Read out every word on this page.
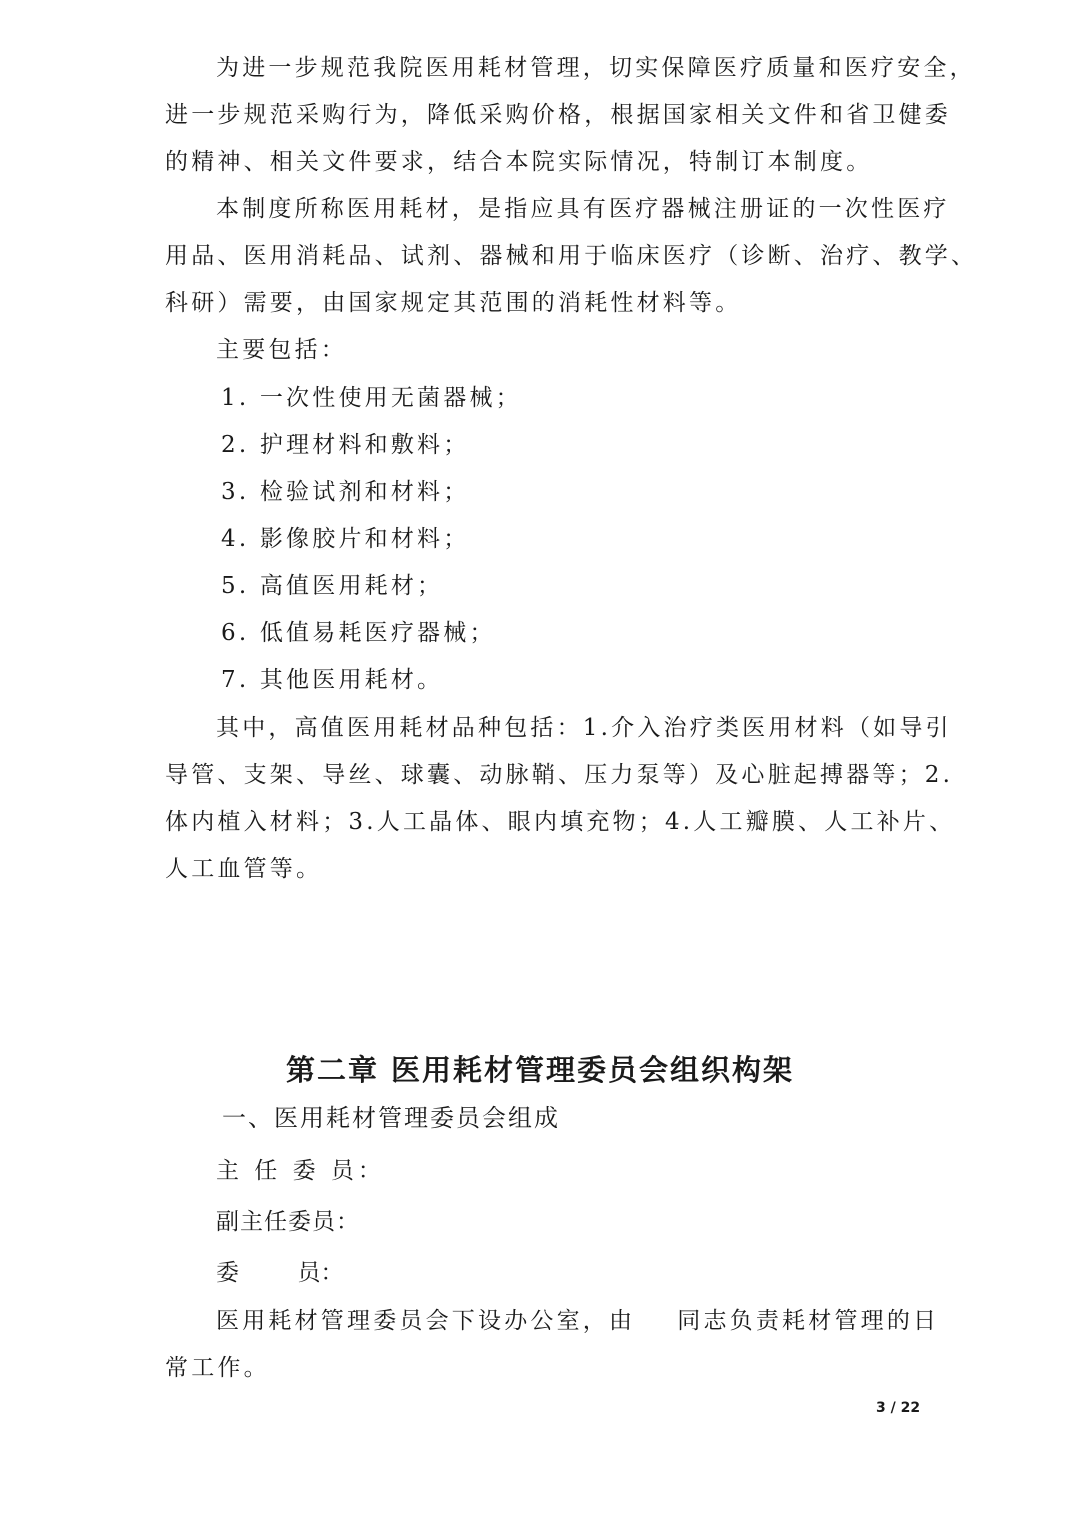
为进一步规范我院医用耗材管理，切实保障医疗质量和医疗安全，
进一步规范采购行为，降低采购价格，根据国家相关文件和省卫健委
的精神、相关文件要求，结合本院实际情况，特制订本制度。
本制度所称医用耗材，是指应具有医疗器械注册证的一次性医疗
用品、医用消耗品、试剂、器械和用于临床医疗（诊断、治疗、教学、
科研）需要，由国家规定其范围的消耗性材料等。
主要包括：
1. 一次性使用无菌器械；
2. 护理材料和敷料；
3. 检验试剂和材料；
4. 影像胶片和材料；
5. 高值医用耗材；
6. 低值易耗医疗器械；
7. 其他医用耗材。
其中，高值医用耗材品种包括：1.介入治疗类医用材料（如导引
导管、支架、导丝、球囊、动脉鞘、压力泵等）及心脏起搏器等；2.
体内植入材料；3.人工晶体、眼内填充物；4.人工瓣膜、人工补片、
人工血管等。
第二章 医用耗材管理委员会组织构架
一、医用耗材管理委员会组成
主 任 委 员：
副主任委员：
委        员：
医用耗材管理委员会下设办公室，由    同志负责耗材管理的日
常工作。
3 / 22
